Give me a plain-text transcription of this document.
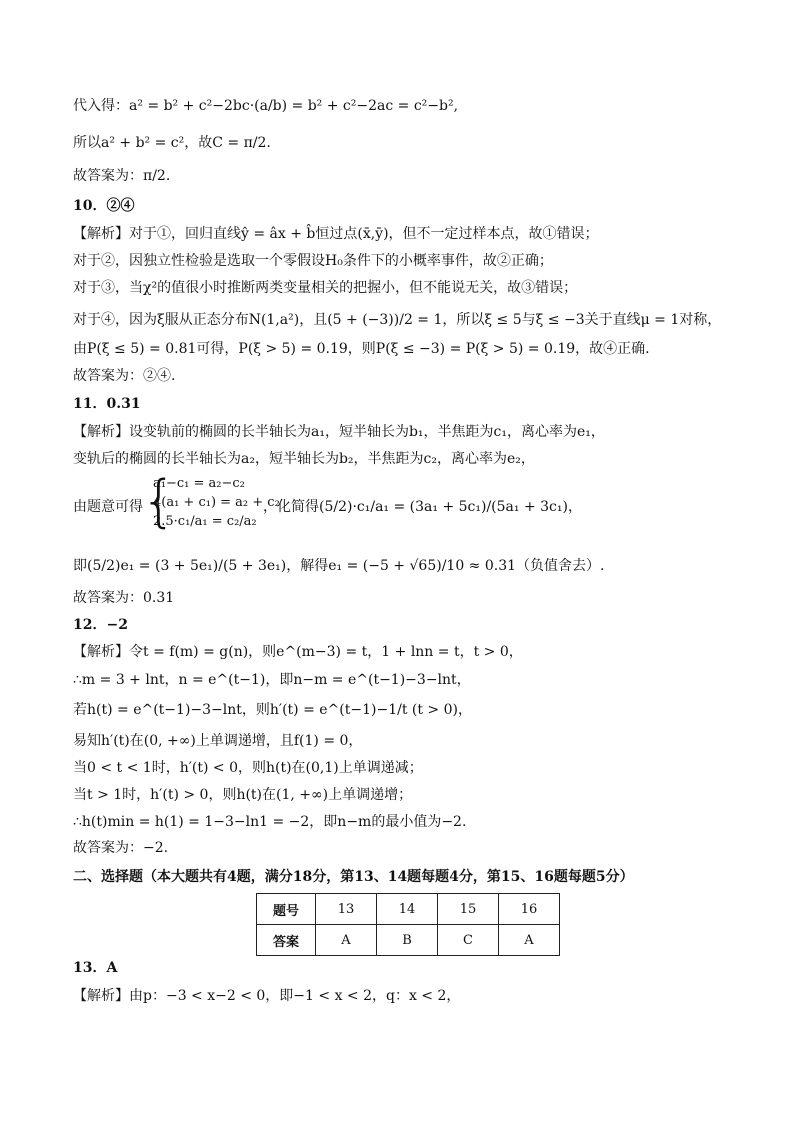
代入得：a² = b² + c²−2bc·(a/b) = b² + c²−2ac = c²−b²,
所以a² + b² = c²，故C = π/2.
故答案为：π/2.
10．②④
【解析】对于①，回归直线ŷ = âx + b̂恒过点(x̄,ȳ)，但不一定过样本点，故①错误；
对于②，因独立性检验是选取一个零假设H₀条件下的小概率事件，故②正确；
对于③，当χ²的值很小时推断两类变量相关的把握小，但不能说无关，故③错误；
对于④，因为ξ服从正态分布N(1,a²)，且(5 + (−3))/2 = 1，所以ξ ≤ 5与ξ ≤ −3关于直线μ = 1对称，
由P(ξ ≤ 5) = 0.81可得，P(ξ > 5) = 0.19，则P(ξ ≤ −3) = P(ξ > 5) = 0.19，故④正确.
故答案为：②④.
11．0.31
【解析】设变轨前的椭圆的长半轴长为a₁，短半轴长为b₁，半焦距为c₁，离心率为e₁，
变轨后的椭圆的长半轴长为a₂，短半轴长为b₂，半焦距为c₂，离心率为e₂，
由题意可得
{
a₁−c₁ = a₂−c₂
4(a₁ + c₁) = a₂ + c₂
2.5·c₁/a₁ = c₂/a₂
，化简得(5/2)·c₁/a₁ = (3a₁ + 5c₁)/(5a₁ + 3c₁)，
即(5/2)e₁ = (3 + 5e₁)/(5 + 3e₁)，解得e₁ = (−5 + √65)/10 ≈ 0.31（负值舍去）.
故答案为：0.31
12．−2
【解析】令t = f(m) = g(n)，则e^(m−3) = t，1 + lnn = t，t > 0，
∴m = 3 + lnt，n = e^(t−1)，即n−m = e^(t−1)−3−lnt，
若h(t) = e^(t−1)−3−lnt，则h′(t) = e^(t−1)−1/t (t > 0)，
易知h′(t)在(0, +∞)上单调递增，且f(1) = 0，
当0 < t < 1时，h′(t) < 0，则h(t)在(0,1)上单调递减；
当t > 1时，h′(t) > 0，则h(t)在(1, +∞)上单调递增；
∴h(t)min = h(1) = 1−3−ln1 = −2，即n−m的最小值为−2.
故答案为：−2.
二、选择题（本大题共有4题，满分18分，第13、14题每题4分，第15、16题每题5分）
题号	13	14	15	16
答案	A	B	C	A
13．A
【解析】由p：−3 < x−2 < 0，即−1 < x < 2，q：x < 2，
